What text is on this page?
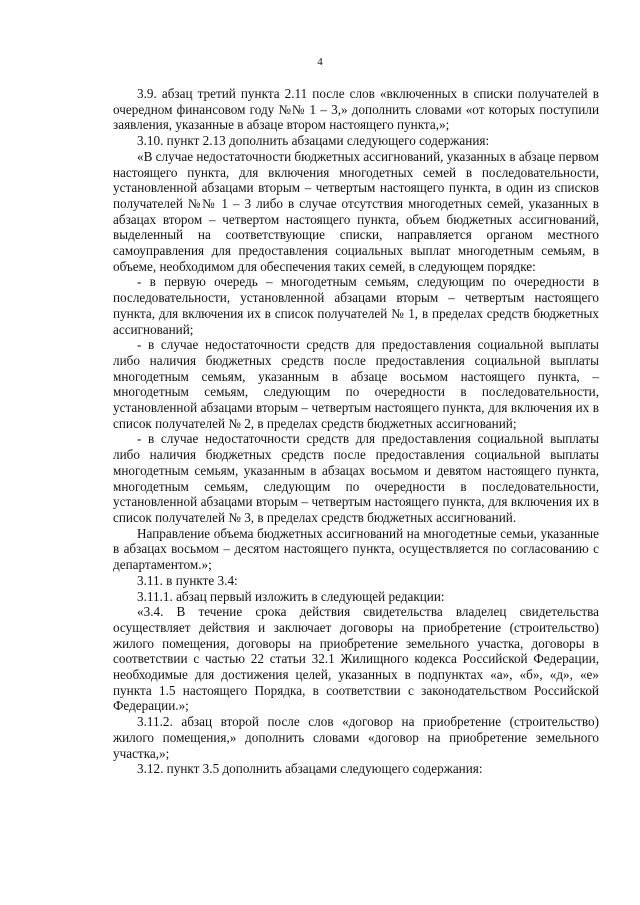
4

3.9. абзац третий пункта 2.11 после слов «включенных в списки получателей в очередном финансовом году №№ 1 – 3,» дополнить словами «от которых поступили заявления, указанные в абзаце втором настоящего пункта,»;

3.10. пункт 2.13 дополнить абзацами следующего содержания:

«В случае недостаточности бюджетных ассигнований, указанных в абзаце первом настоящего пункта, для включения многодетных семей в последовательности, установленной абзацами вторым – четвертым настоящего пункта, в один из списков получателей №№ 1 – 3 либо в случае отсутствия многодетных семей, указанных в абзацах втором – четвертом настоящего пункта, объем бюджетных ассигнований, выделенный на соответствующие списки, направляется органом местного самоуправления для предоставления социальных выплат многодетным семьям, в объеме, необходимом для обеспечения таких семей, в следующем порядке:

- в первую очередь – многодетным семьям, следующим по очередности в последовательности, установленной абзацами вторым – четвертым настоящего пункта, для включения их в список получателей № 1, в пределах средств бюджетных ассигнований;

- в случае недостаточности средств для предоставления социальной выплаты либо наличия бюджетных средств после предоставления социальной выплаты многодетным семьям, указанным в абзаце восьмом настоящего пункта, – многодетным семьям, следующим по очередности в последовательности, установленной абзацами вторым – четвертым настоящего пункта, для включения их в список получателей № 2, в пределах средств бюджетных ассигнований;

- в случае недостаточности средств для предоставления социальной выплаты либо наличия бюджетных средств после предоставления социальной выплаты многодетным семьям, указанным в абзацах восьмом и девятом настоящего пункта, многодетным семьям, следующим по очередности в последовательности, установленной абзацами вторым – четвертым настоящего пункта, для включения их в список получателей № 3, в пределах средств бюджетных ассигнований.

Направление объема бюджетных ассигнований на многодетные семьи, указанные в абзацах восьмом – десятом настоящего пункта, осуществляется по согласованию с департаментом.»;

3.11. в пункте 3.4:

3.11.1. абзац первый изложить в следующей редакции:

«3.4. В течение срока действия свидетельства владелец свидетельства осуществляет действия и заключает договоры на приобретение (строительство) жилого помещения, договоры на приобретение земельного участка, договоры в соответствии с частью 22 статьи 32.1 Жилищного кодекса Российской Федерации, необходимые для достижения целей, указанных в подпунктах «а», «б», «д», «е» пункта 1.5 настоящего Порядка, в соответствии с законодательством Российской Федерации.»;

3.11.2. абзац второй после слов «договор на приобретение (строительство) жилого помещения,» дополнить словами «договор на приобретение земельного участка,»;

3.12. пункт 3.5 дополнить абзацами следующего содержания:
